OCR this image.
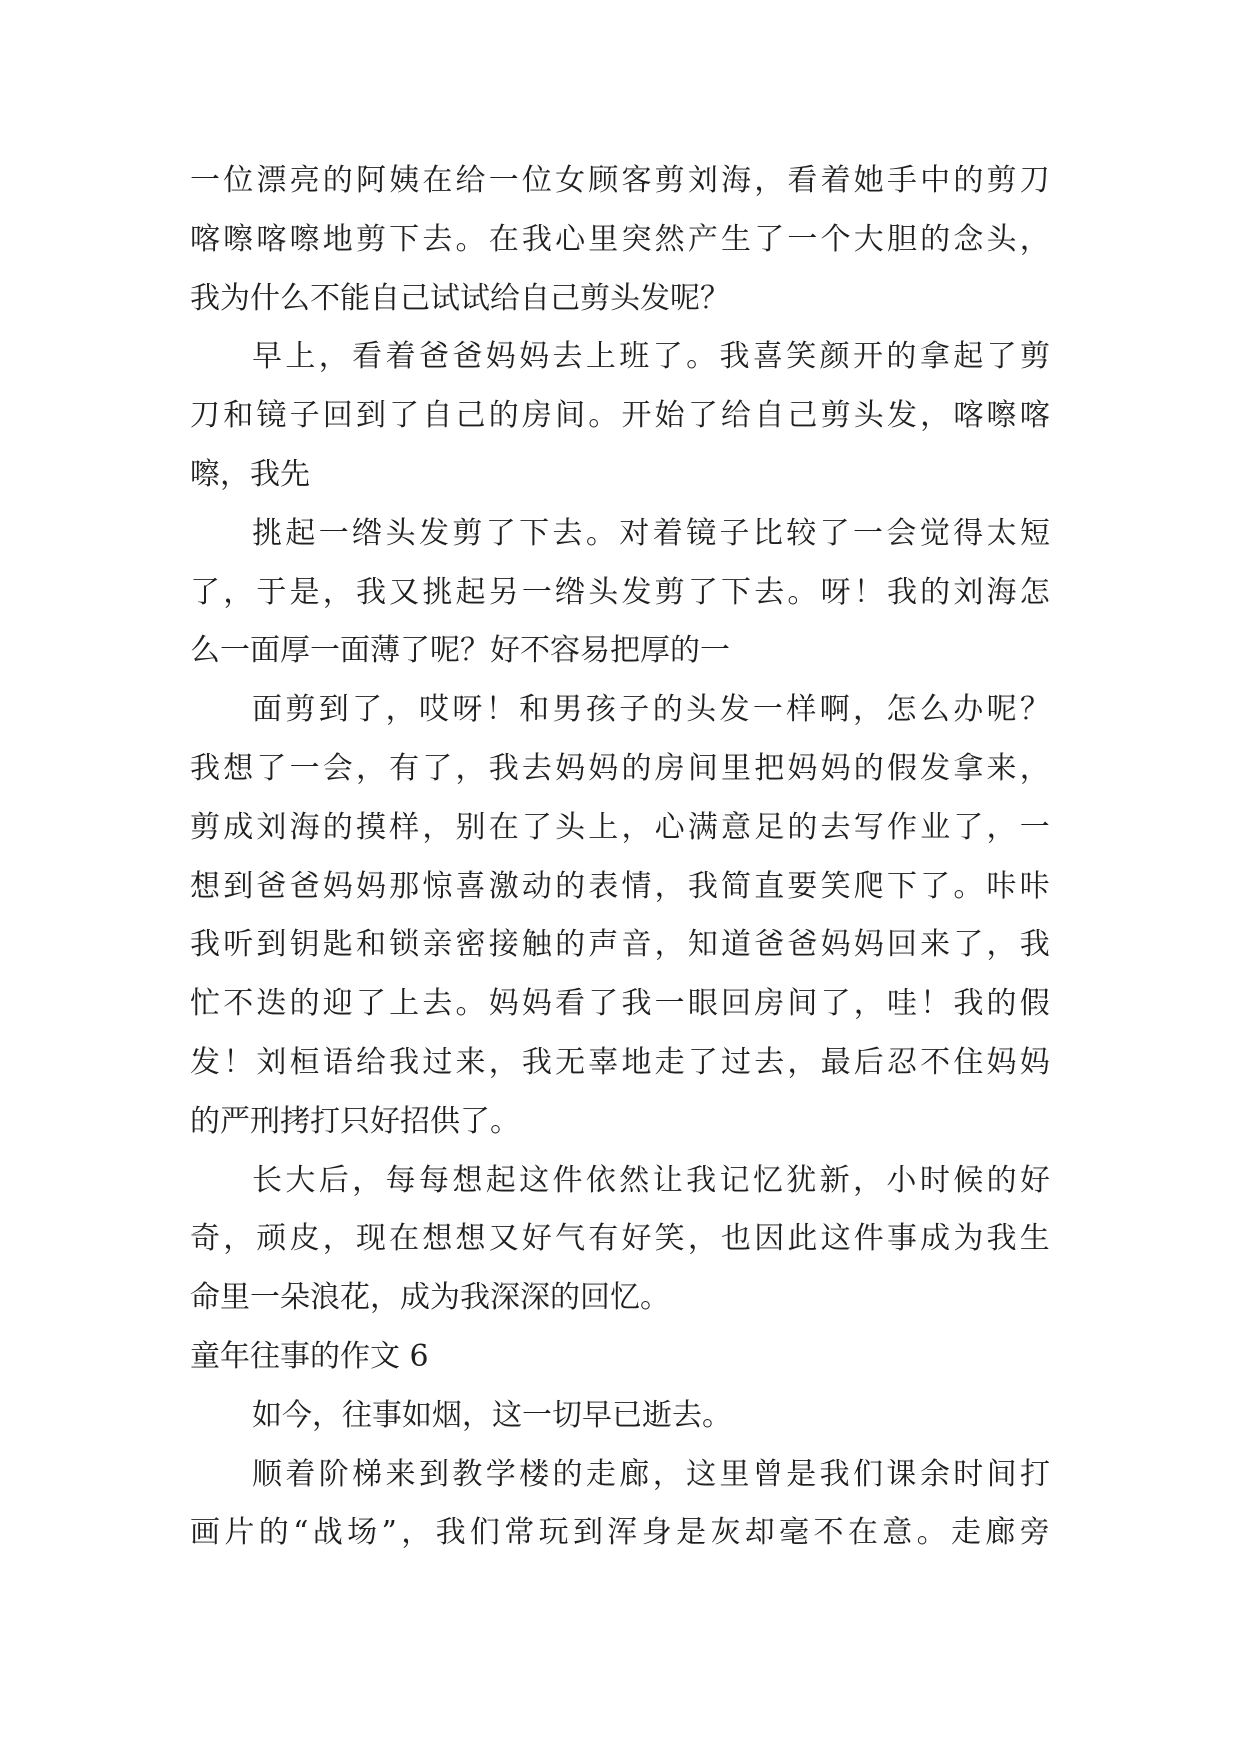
一 位 漂 亮 的 阿 姨 在 给 一 位 女 顾 客 剪 刘 海 ， 看 着 她 手 中 的 剪 刀
喀 嚓 喀 嚓 地 剪 下 去 。 在 我 心 里 突 然 产 生 了 一 个 大 胆 的 念 头 ，
我为什么不能自己试试给自己剪头发呢？
早 上 ， 看 着 爸 爸 妈 妈 去 上 班 了 。 我 喜 笑 颜 开 的 拿 起 了 剪
刀 和 镜 子 回 到 了 自 己 的 房 间 。 开 始 了 给 自 己 剪 头 发 ， 喀 嚓 喀
嚓，我先
挑 起 一 绺 头 发 剪 了 下 去 。 对 着 镜 子 比 较 了 一 会 觉 得 太 短
了 ， 于 是 ， 我 又 挑 起 另 一 绺 头 发 剪 了 下 去 。 呀 ！ 我 的 刘 海 怎
么一面厚一面薄了呢？好不容易把厚的一
面 剪 到 了 ， 哎 呀 ！ 和 男 孩 子 的 头 发 一 样 啊 ， 怎 么 办 呢 ？
我 想 了 一 会 ， 有 了 ， 我 去 妈 妈 的 房 间 里 把 妈 妈 的 假 发 拿 来 ，
剪 成 刘 海 的 摸 样 ， 别 在 了 头 上 ， 心 满 意 足 的 去 写 作 业 了 ， 一
想 到 爸 爸 妈 妈 那 惊 喜 激 动 的 表 情 ， 我 简 直 要 笑 爬 下 了 。 咔 咔
我 听 到 钥 匙 和 锁 亲 密 接 触 的 声 音 ， 知 道 爸 爸 妈 妈 回 来 了 ， 我
忙 不 迭 的 迎 了 上 去 。 妈 妈 看 了 我 一 眼 回 房 间 了 ， 哇 ！ 我 的 假
发 ！ 刘 桓 语 给 我 过 来 ， 我 无 辜 地 走 了 过 去 ， 最 后 忍 不 住 妈 妈
的严刑拷打只好招供了。
长 大 后 ， 每 每 想 起 这 件 依 然 让 我 记 忆 犹 新 ， 小 时 候 的 好
奇 ， 顽 皮 ， 现 在 想 想 又 好 气 有 好 笑 ， 也 因 此 这 件 事 成 为 我 生
命里一朵浪花，成为我深深的回忆。
童年往事的作文 6
如今，往事如烟，这一切早已逝去。
顺 着 阶 梯 来 到 教 学 楼 的 走 廊 ， 这 里 曾 是 我 们 课 余 时 间 打
画 片 的 “ 战 场 ” ， 我 们 常 玩 到 浑 身 是 灰 却 毫 不 在 意 。 走 廊 旁
